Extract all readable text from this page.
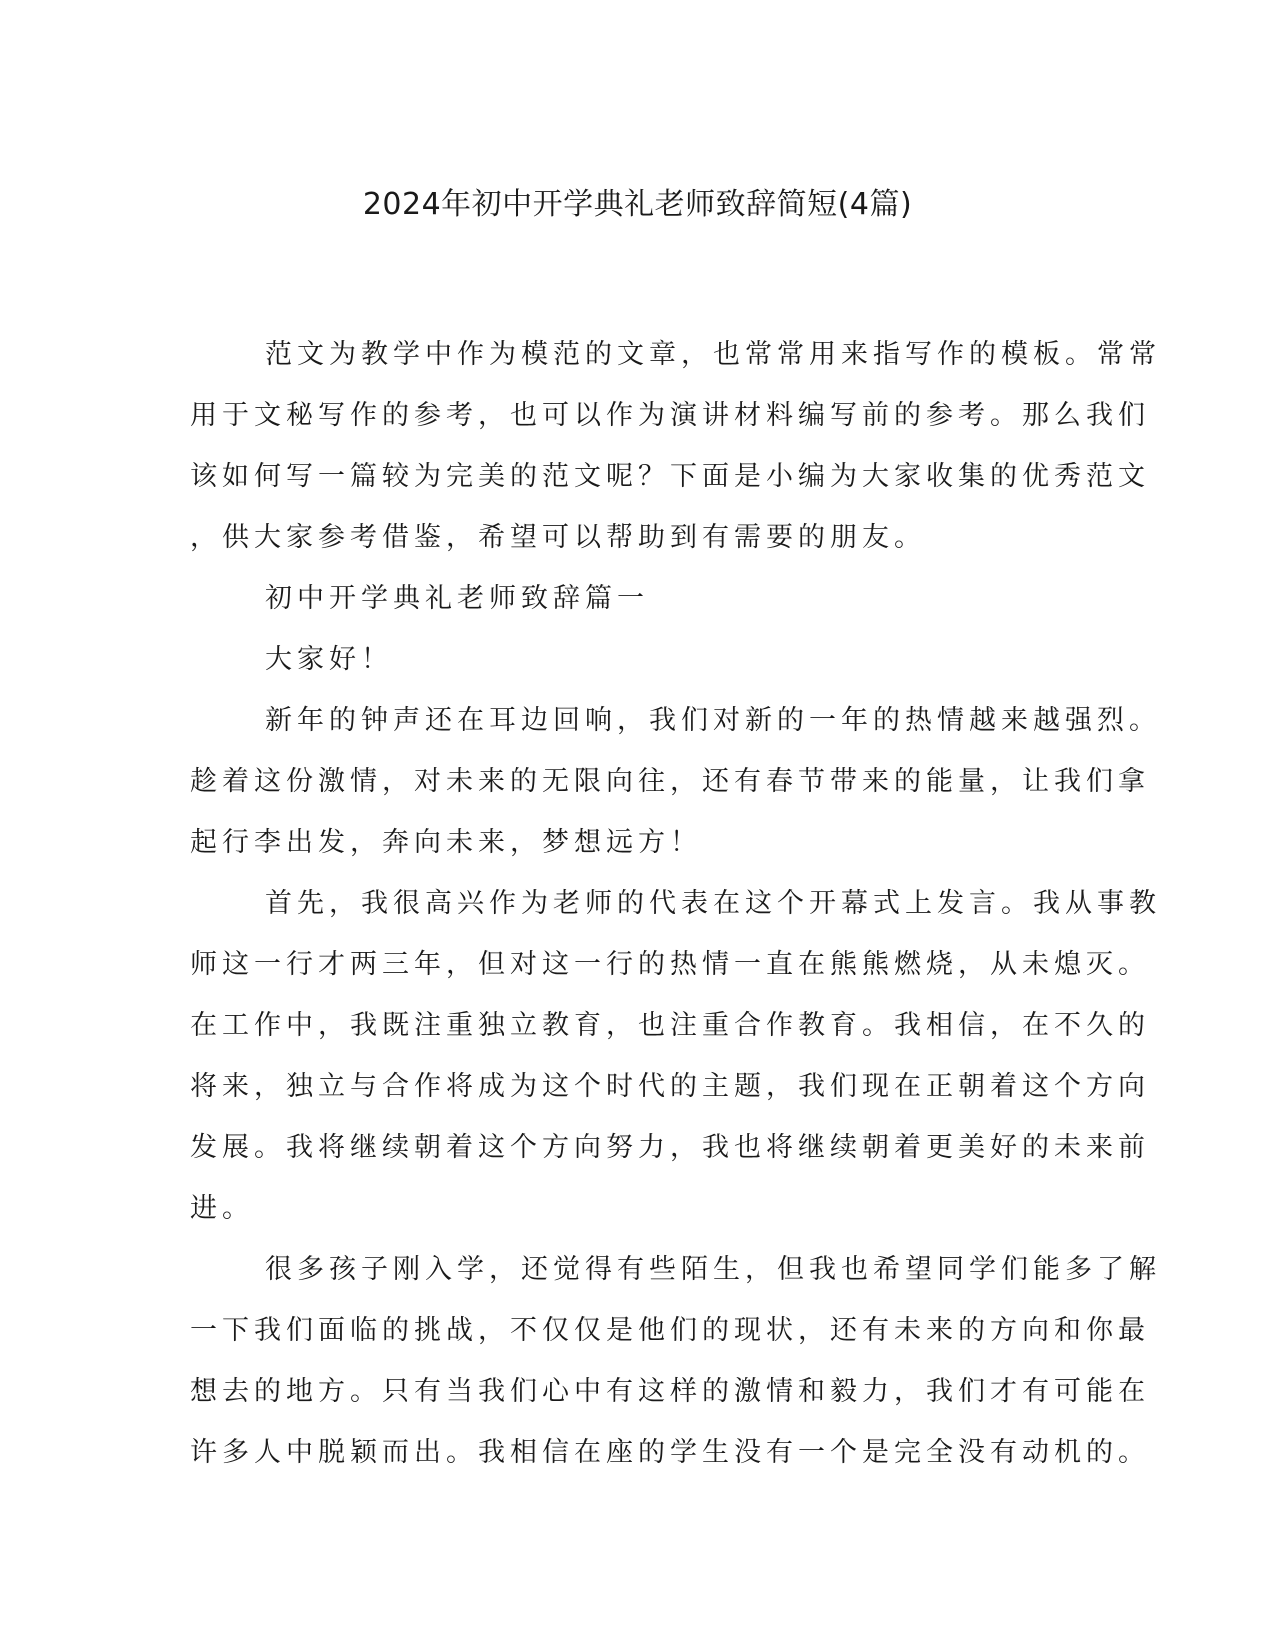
2024年初中开学典礼老师致辞简短(4篇)
范文为教学中作为模范的文章，也常常用来指写作的模板。常常
用于文秘写作的参考，也可以作为演讲材料编写前的参考。那么我们
该如何写一篇较为完美的范文呢？下面是小编为大家收集的优秀范文
，供大家参考借鉴，希望可以帮助到有需要的朋友。
初中开学典礼老师致辞篇一
大家好！
新年的钟声还在耳边回响，我们对新的一年的热情越来越强烈。
趁着这份激情，对未来的无限向往，还有春节带来的能量，让我们拿
起行李出发，奔向未来，梦想远方！
首先，我很高兴作为老师的代表在这个开幕式上发言。我从事教
师这一行才两三年，但对这一行的热情一直在熊熊燃烧，从未熄灭。
在工作中，我既注重独立教育，也注重合作教育。我相信，在不久的
将来，独立与合作将成为这个时代的主题，我们现在正朝着这个方向
发展。我将继续朝着这个方向努力，我也将继续朝着更美好的未来前
进。
很多孩子刚入学，还觉得有些陌生，但我也希望同学们能多了解
一下我们面临的挑战，不仅仅是他们的现状，还有未来的方向和你最
想去的地方。只有当我们心中有这样的激情和毅力，我们才有可能在
许多人中脱颖而出。我相信在座的学生没有一个是完全没有动机的。
